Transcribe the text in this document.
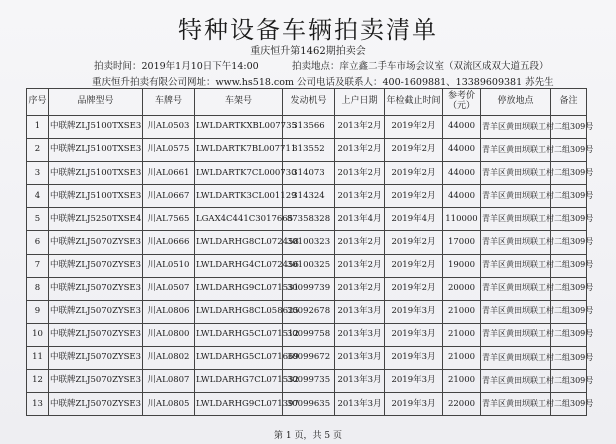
特种设备车辆拍卖清单
重庆恒升第1462期拍卖会
拍卖时间：2019年1月10日下午14:00	拍卖地点：庠立鑫二手车市场会议室（双流区成双大道五段）
重庆恒升拍卖有限公司网址：www.hs518.com 公司电话及联系人：400-1609881、13389609381 苏先生
序号	品牌型号	车牌号	车架号	发动机号	上户日期	年检截止时间	参考价（元）	停放地点	备注
1	中联牌ZLJ5100TXSE3	川AL0503	LWLDARTKXBL007735	313566	2013年2月	2019年2月	44000	青羊区黄田坝联工村二组309号	
2	中联牌ZLJ5100TXSE3	川AL0575	LWLDARTK7BL007711	313552	2013年2月	2019年2月	44000	青羊区黄田坝联工村二组309号	
3	中联牌ZLJ5100TXSE3	川AL0661	LWLDARTK7CL000730	314073	2013年2月	2019年2月	44000	青羊区黄田坝联工村二组309号	
4	中联牌ZLJ5100TXSE3	川AL0667	LWLDARTK3CL001129	314324	2013年2月	2019年2月	44000	青羊区黄田坝联工村二组309号	
5	中联牌ZLJ5250TXSE4	川AL7565	LGAX4C441C3017665	87358328	2013年4月	2019年4月	110000	青羊区黄田坝联工村二组309号	
6	中联牌ZLJ5070ZYSE3	川AL0666	LWLDARHG8CL072458	30100323	2013年2月	2019年2月	17000	青羊区黄田坝联工村二组309号	
7	中联牌ZLJ5070ZYSE3	川AL0510	LWLDARHG4CL072456	30100325	2013年2月	2019年2月	19000	青羊区黄田坝联工村二组309号	
8	中联牌ZLJ5070ZYSE3	川AL0507	LWLDARHG9CL071531	30099739	2013年2月	2019年2月	20000	青羊区黄田坝联工村二组309号	
9	中联牌ZLJ5070ZYSE3	川AL0806	LWLDARHG8CL058625	30092678	2013年3月	2019年3月	21000	青羊区黄田坝联工村二组309号	
10	中联牌ZLJ5070ZYSE3	川AL0800	LWLDARHG5CL071512	30099758	2013年3月	2019年3月	21000	青羊区黄田坝联工村二组309号	
11	中联牌ZLJ5070ZYSE3	川AL0802	LWLDARHG5CL071669	30099672	2013年3月	2019年3月	21000	青羊区黄田坝联工村二组309号	
12	中联牌ZLJ5070ZYSE3	川AL0807	LWLDARHG7CL071532	30099735	2013年3月	2019年3月	21000	青羊区黄田坝联工村二组309号	
13	中联牌ZLJ5070ZYSE3	川AL0805	LWLDARHG9CL071397	30099635	2013年3月	2019年3月	22000	青羊区黄田坝联工村二组309号	
第 1 页，共 5 页
